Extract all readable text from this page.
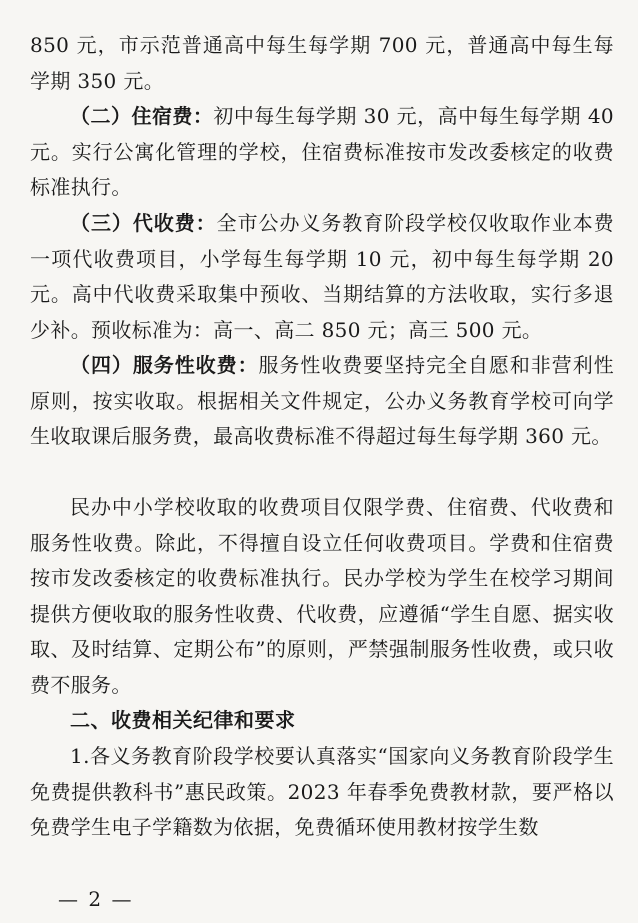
850 元，市示范普通高中每生每学期 700 元，普通高中每生每学期 350 元。

（二）住宿费：初中每生每学期 30 元，高中每生每学期 40 元。实行公寓化管理的学校，住宿费标准按市发改委核定的收费标准执行。

（三）代收费：全市公办义务教育阶段学校仅收取作业本费一项代收费项目，小学每生每学期 10 元，初中每生每学期 20 元。高中代收费采取集中预收、当期结算的方法收取，实行多退少补。预收标准为：高一、高二 850 元；高三 500 元。

（四）服务性收费：服务性收费要坚持完全自愿和非营利性原则，按实收取。根据相关文件规定，公办义务教育学校可向学生收取课后服务费，最高收费标准不得超过每生每学期 360 元。

民办中小学校收取的收费项目仅限学费、住宿费、代收费和服务性收费。除此，不得擅自设立任何收费项目。学费和住宿费按市发改委核定的收费标准执行。民办学校为学生在校学习期间提供方便收取的服务性收费、代收费，应遵循“学生自愿、据实收取、及时结算、定期公布”的原则，严禁强制服务性收费，或只收费不服务。

二、收费相关纪律和要求

1.各义务教育阶段学校要认真落实“国家向义务教育阶段学生免费提供教科书”惠民政策。2023 年春季免费教材款，要严格以免费学生电子学籍数为依据，免费循环使用教材按学生数

— 2 —
